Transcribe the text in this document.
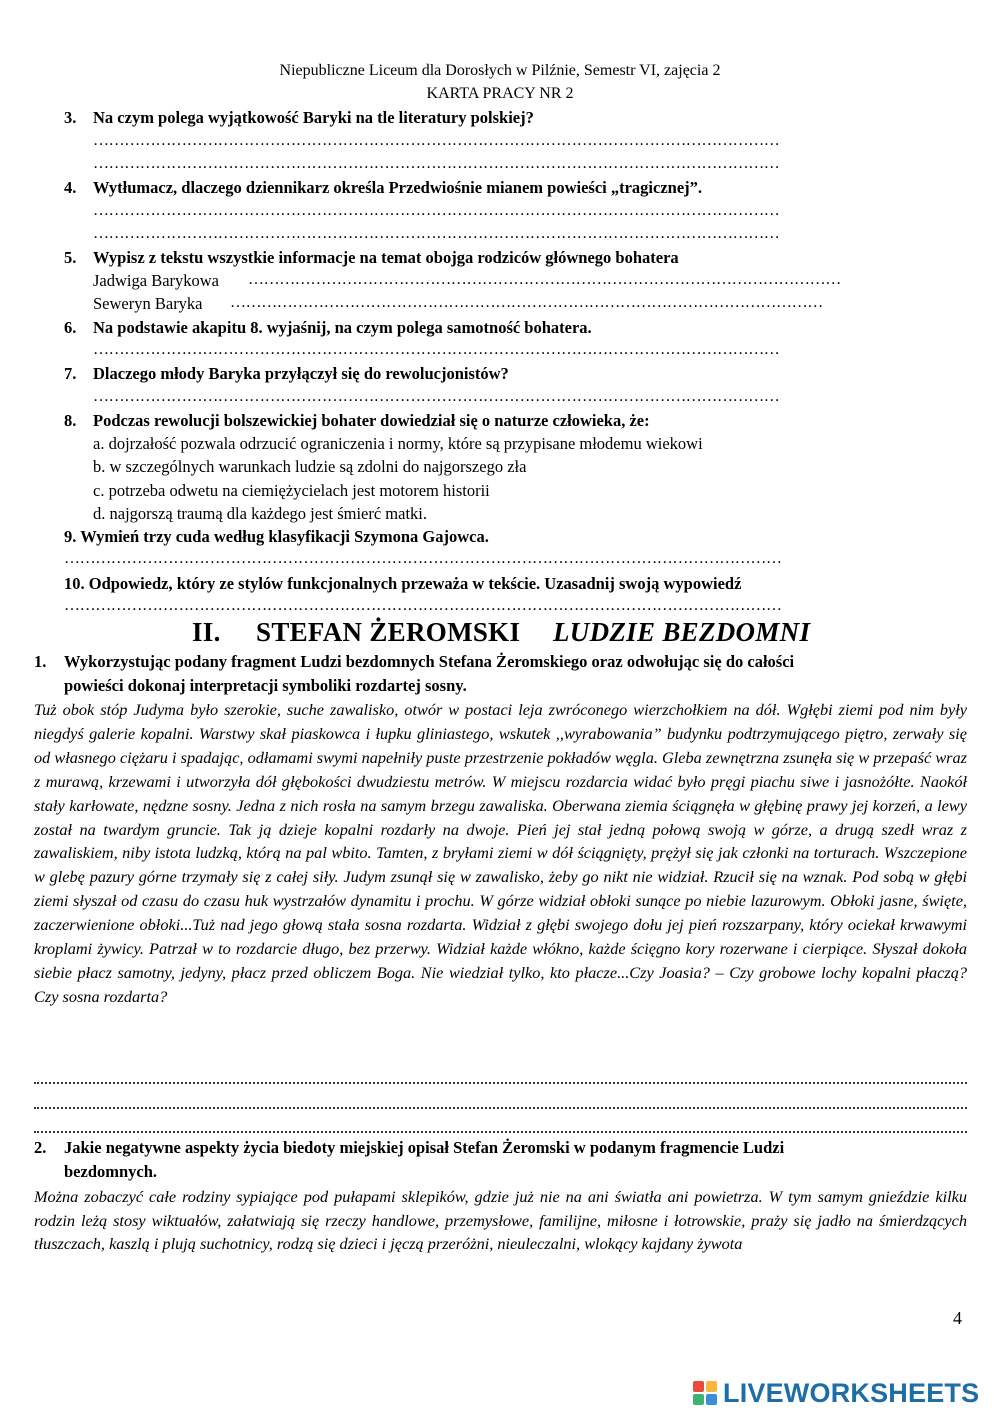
Niepubliczne Liceum dla Dorosłych w Pilźnie, Semestr VI, zajęcia 2
KARTA PRACY NR 2
3. Na czym polega wyjątkowość Baryki na tle literatury polskiej?
……………………………………………………………………………………………………………………
……………………………………………………………………………………………………………………
4. Wytłumacz, dlaczego dziennikarz określa Przedwiośnie mianem powieści „tragicznej”.
……………………………………………………………………………………………………………………
……………………………………………………………………………………………………………………
5. Wypisz z tekstu wszystkie informacje na temat obojga rodziców głównego bohatera
Jadwiga Barykowa ……………………………………………………………………………………………………
Seweryn Baryka ……………………………………………………………………………………………………
6. Na podstawie akapitu 8. wyjaśnij, na czym polega samotność bohatera.
……………………………………………………………………………………………………………………
7. Dlaczego młody Baryka przyłączył się do rewolucjonistów?
……………………………………………………………………………………………………………………
8. Podczas rewolucji bolszewickiej bohater dowiedział się o naturze człowieka, że:
a. dojrzałość pozwala odrzucić ograniczenia i normy, które są przypisane młodemu wiekowi
b. w szczególnych warunkach ludzie są zdolni do najgorszego zła
c. potrzeba odwetu na ciemiężycielach jest motorem historii
d. najgorszą traumą dla każdego jest śmierć matki.
9. Wymień trzy cuda według klasyfikacji Szymona Gajowca.
…………………………………………………………………………………………………………………………
10. Odpowiedz, który ze stylów funkcjonalnych przeważa w tekście. Uzasadnij swoją wypowiedź
…………………………………………………………………………………………………………………………
II. STEFAN ŻEROMSKI LUDZIE BEZDOMNI
1. Wykorzystując podany fragment Ludzi bezdomnych Stefana Żeromskiego oraz odwołując się do całości
powieści dokonaj interpretacji symboliki rozdartej sosny.
Tuż obok stóp Judyma było szerokie, suche zawalisko, otwór w postaci leja zwróconego wierzchołkiem na dół. Wgłębi ziemi pod nim były niegdyś galerie kopalni. Warstwy skał piaskowca i łupku gliniastego, wskutek ,,wyrabowania” budynku podtrzymującego piętro, zerwały się od własnego ciężaru i spadając, odłamami swymi napełniły puste przestrzenie pokładów węgla. Gleba zewnętrzna zsunęła się w przepaść wraz z murawą, krzewami i utworzyła dół głębokości dwudziestu metrów. W miejscu rozdarcia widać było pręgi piachu siwe i jasnożółte. Naokół stały karłowate, nędzne sosny. Jedna z nich rosła na samym brzegu zawaliska. Oberwana ziemia ściągnęła w głębinę prawy jej korzeń, a lewy został na twardym gruncie. Tak ją dzieje kopalni rozdarły na dwoje. Pień jej stał jedną połową swoją w górze, a drugą szedł wraz z zawaliskiem, niby istota ludzką, którą na pal wbito. Tamten, z bryłami ziemi w dół ściągnięty, prężył się jak członki na torturach. Wszczepione w glebę pazury górne trzymały się z całej siły. Judym zsunął się w zawalisko, żeby go nikt nie widział. Rzucił się na wznak. Pod sobą w głębi ziemi słyszał od czasu do czasu huk wystrzałów dynamitu i prochu. W górze widział obłoki sunące po niebie lazurowym. Obłoki jasne, święte, zaczerwienione obłoki...Tuż nad jego głową stała sosna rozdarta. Widział z głębi swojego dołu jej pień rozszarpany, który ociekał krwawymi kroplami żywicy. Patrzał w to rozdarcie długo, bez przerwy. Widział każde włókno, każde ścięgno kory rozerwane i cierpiące. Słyszał dokoła siebie płacz samotny, jedyny, płacz przed obliczem Boga. Nie wiedział tylko, kto płacze...Czy Joasia? – Czy grobowe lochy kopalni płaczą? Czy sosna rozdarta?
2. Jakie negatywne aspekty życia biedoty miejskiej opisał Stefan Żeromski w podanym fragmencie Ludzi
bezdomnych.
Można zobaczyć całe rodziny sypiające pod pułapami sklepików, gdzie już nie na ani światła ani powietrza. W tym samym gnieździe kilku rodzin leżą stosy wiktuałów, załatwiają się rzeczy handlowe, przemysłowe, familijne, miłosne i łotrowskie, praży się jadło na śmierdzących tłuszczach, kaszlą i plują suchotnicy, rodzą się dzieci i jęczą przeróżni, nieuleczalni, wlokący kajdany żywota
4
LIVEWORKSHEETS
